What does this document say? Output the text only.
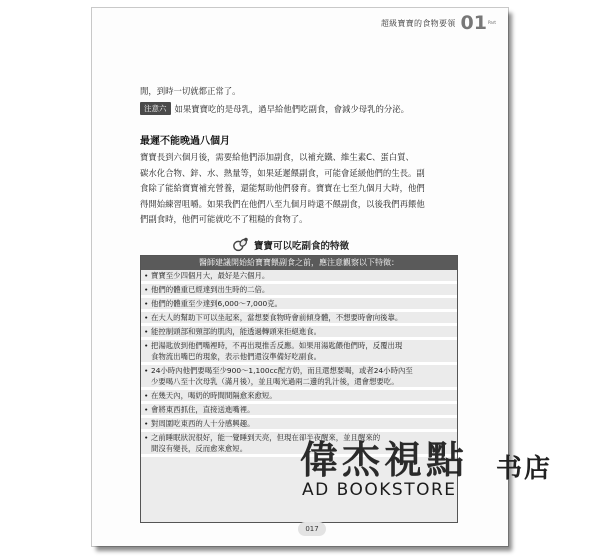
超級寶寶的食物要領 01 Part
閒，到時一切就都正常了。
注意六 如果寶寶吃的是母乳，過早給他們吃副食，會減少母乳的分泌。
最遲不能晚過八個月
寶寶長到六個月後，需要給他們添加副食，以補充鐵、維生素C、蛋白質、
碳水化合物、鋅、水、熱量等，如果延遲餵副食，可能會延緩他們的生長。副
食除了能給寶寶補充營養，還能幫助他們發育。寶寶在七至九個月大時，他們
得開始練習咀嚼。如果我們在他們八至九個月時還不餵副食，以後我們再餵他
們副食時，他們可能就吃不了粗糙的食物了。
寶寶可以吃副食的特徵
醫師建議開始給寶寶餵副食之前，應注意觀察以下特徵：
• 寶寶至少四個月大，最好是六個月。
• 他們的體重已經達到出生時的二倍。
• 他們的體重至少達到6,000～7,000克。
• 在大人的幫助下可以坐起來，當想要食物時會前傾身體，不想要時會向後靠。
• 能控制頭部和頸部的肌肉，能透過轉頭來拒絕進食。
• 把湯匙放到他們嘴裡時，不再出現推舌反應。如果用湯匙餵他們時，反覆出現
食物流出嘴巴的現象，表示他們還沒準備好吃副食。
• 24小時內他們要喝至少900～1,100cc配方奶，而且還想要喝，或者24小時內至
少要喝八至十次母乳（滿月後），並且喝光過兩二邊的乳汁後，還會想要吃。
• 在幾天內，喝奶的時間間隔愈來愈短。
• 會將東西抓住，直接送進嘴裡。
• 對周圍吃東西的人十分感興趣。
• 之前睡眠狀況很好，能一覺睡到天亮，但現在卻半夜醒來，並且醒來的
間沒有變長，反而愈來愈短。
017
偉杰視點 书店
AD BOOKSTORE
